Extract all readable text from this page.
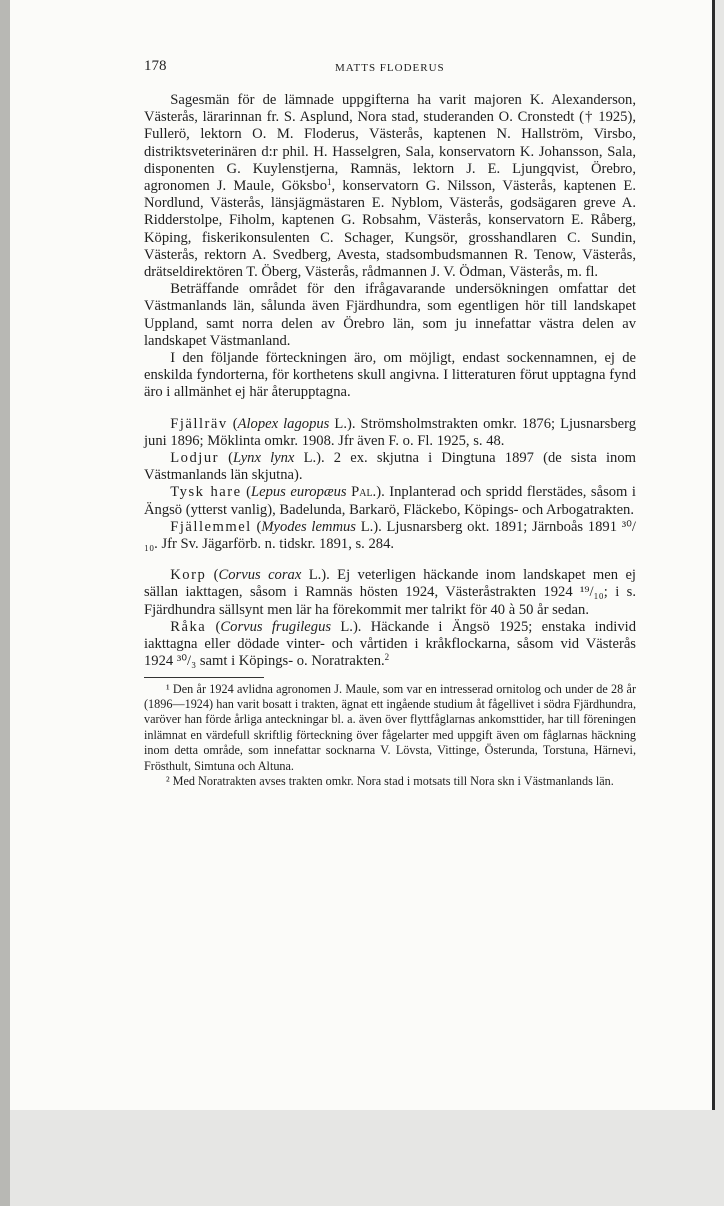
178	MATTS FLODERUS

Sagesmän för de lämnade uppgifterna ha varit majoren K. Alexanderson, Västerås, lärarinnan fr. S. Asplund, Nora stad, studeranden O. Cronstedt († 1925), Fullerö, lektorn O. M. Floderus, Västerås, kaptenen N. Hallström, Virsbo, distriktsveterinären d:r phil. H. Hasselgren, Sala, konservatorn K. Johansson, Sala, disponenten G. Kuylenstjerna, Ramnäs, lektorn J. E. Ljungqvist, Örebro, agronomen J. Maule, Göksbo$^1$, konservatorn G. Nilsson, Västerås, kaptenen E. Nordlund, Västerås, länsjägmästaren E. Nyblom, Västerås, godsägaren greve A. Ridderstolpe, Fiholm, kaptenen G. Robsahm, Västerås, konservatorn E. Råberg, Köping, fiskerikonsulenten C. Schager, Kungsör, grosshandlaren C. Sundin, Västerås, rektorn A. Svedberg, Avesta, stadsombudsmannen R. Tenow, Västerås, drätseldirektören T. Öberg, Västerås, rådmannen J. V. Ödman, Västerås, m. fl.

Beträffande området för den ifrågavarande undersökningen omfattar det Västmanlands län, sålunda även Fjärdhundra, som egentligen hör till landskapet Uppland, samt norra delen av Örebro län, som ju innefattar västra delen av landskapet Västmanland.

I den följande förteckningen äro, om möjligt, endast sockennamnen, ej de enskilda fyndorterna, för korthetens skull angivna. I litteraturen förut upptagna fynd äro i allmänhet ej här återupptagna.

Fjällräv (Alopex lagopus L.). Strömsholmstrakten omkr. 1876; Ljusnarsberg juni 1896; Möklinta omkr. 1908. Jfr även F. o. Fl. 1925, s. 48.

Lodjur (Lynx lynx L.). 2 ex. skjutna i Dingtuna 1897 (de sista inom Västmanlands län skjutna).

Tysk hare (Lepus europæus Pal.). Inplanterad och spridd flerstädes, såsom i Ängsö (ytterst vanlig), Badelunda, Barkarö, Fläckebo, Köpings- och Arbogatrakten.

Fjällemmel (Myodes lemmus L.). Ljusnarsberg okt. 1891; Järnboås 1891 ³⁰/₁₀. Jfr Sv. Jägarförb. n. tidskr. 1891, s. 284.

Korp (Corvus corax L.). Ej veterligen häckande inom landskapet men ej sällan iakttagen, såsom i Ramnäs hösten 1924, Västeråstrakten 1924 ¹⁹/₁₀; i s. Fjärdhundra sällsynt men lär ha förekommit mer talrikt för 40 à 50 år sedan.

Råka (Corvus frugilegus L.). Häckande i Ängsö 1925; enstaka individ iakttagna eller dödade vinter- och vårtiden i kråkflockarna, såsom vid Västerås 1924 ³⁰/₃ samt i Köpings- o. Noratrakten.$^2$

¹ Den år 1924 avlidna agronomen J. Maule, som var en intresserad ornitolog och under de 28 år (1896—1924) han varit bosatt i trakten, ägnat ett ingående studium åt fågellivet i södra Fjärdhundra, varöver han förde årliga anteckningar bl. a. även över flyttfåglarnas ankomsttider, har till föreningen inlämnat en värdefull skriftlig förteckning över fågelarter med uppgift även om fåglarnas häckning inom detta område, som innefattar socknarna V. Lövsta, Vittinge, Österunda, Torstuna, Härnevi, Frösthult, Simtuna och Altuna.

² Med Noratrakten avses trakten omkr. Nora stad i motsats till Nora skn i Västmanlands län.
